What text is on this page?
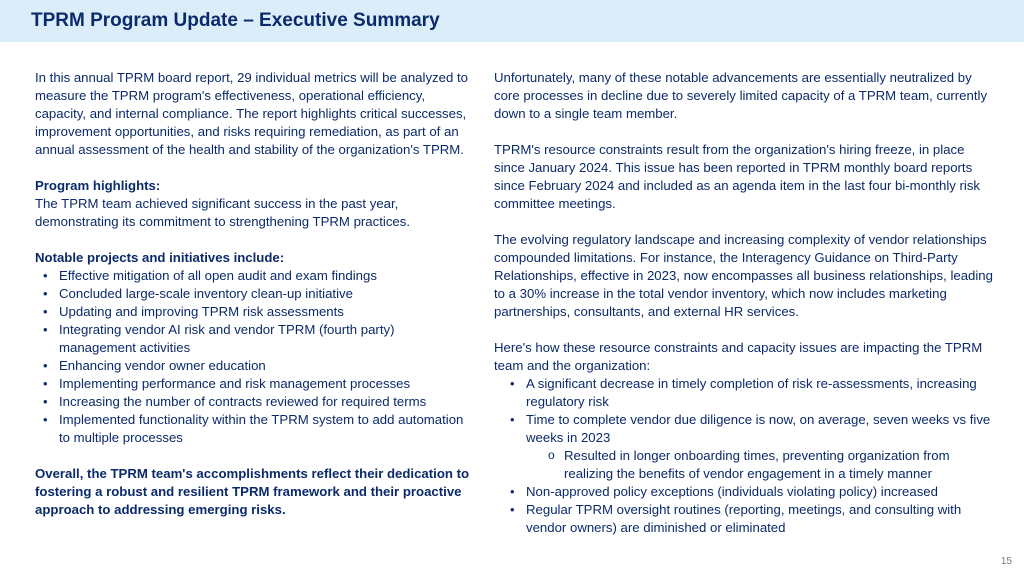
TPRM Program Update – Executive Summary

In this annual TPRM board report, 29 individual metrics will be analyzed to measure the TPRM program's effectiveness, operational efficiency, capacity, and internal compliance. The report highlights critical successes, improvement opportunities, and risks requiring remediation, as part of an annual assessment of the health and stability of the organization's TPRM.

Program highlights:

The TPRM team achieved significant success in the past year, demonstrating its commitment to strengthening TPRM practices.

Notable projects and initiatives include:

• Effective mitigation of all open audit and exam findings
• Concluded large-scale inventory clean-up initiative
• Updating and improving TPRM risk assessments
• Integrating vendor AI risk and vendor TPRM (fourth party) management activities
• Enhancing vendor owner education
• Implementing performance and risk management processes
• Increasing the number of contracts reviewed for required terms
• Implemented functionality within the TPRM system to add automation to multiple processes

Overall, the TPRM team's accomplishments reflect their dedication to fostering a robust and resilient TPRM framework and their proactive approach to addressing emerging risks.

Unfortunately, many of these notable advancements are essentially neutralized by core processes in decline due to severely limited capacity of a TPRM team, currently down to a single team member.

TPRM's resource constraints result from the organization's hiring freeze, in place since January 2024. This issue has been reported in TPRM monthly board reports since February 2024 and included as an agenda item in the last four bi-monthly risk committee meetings.

The evolving regulatory landscape and increasing complexity of vendor relationships compounded limitations. For instance, the Interagency Guidance on Third-Party Relationships, effective in 2023, now encompasses all business relationships, leading to a 30% increase in the total vendor inventory, which now includes marketing partnerships, consultants, and external HR services.

Here's how these resource constraints and capacity issues are impacting the TPRM team and the organization:

• A significant decrease in timely completion of risk re-assessments, increasing regulatory risk
• Time to complete vendor due diligence is now, on average, seven weeks vs five weeks in 2023
o Resulted in longer onboarding times, preventing organization from realizing the benefits of vendor engagement in a timely manner
• Non-approved policy exceptions (individuals violating policy) increased
• Regular TPRM oversight routines (reporting, meetings, and consulting with vendor owners) are diminished or eliminated
15
